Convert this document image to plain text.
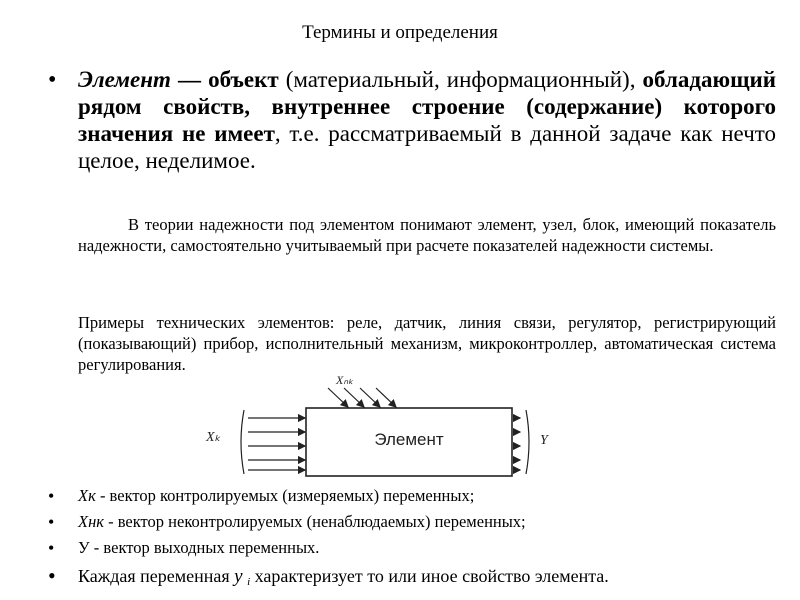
Термины и определения
• Элемент — объект (материальный, информационный), обладающий рядом свойств, внутреннее строение (содержание) которого значения не имеет, т.е. рассматриваемый в данной задаче как нечто целое, неделимое.
В теории надежности под элементом понимают элемент, узел, блок, имеющий показатель надежности, самостоятельно учитываемый при расчете показателей надежности системы.
Примеры технических элементов: реле, датчик, линия связи, регулятор, регистрирующий (показывающий) прибор, исполнительный механизм, микроконтроллер, автоматическая система регулирования.
Элемент
Xₖ
Xₙₖ
Y
• Xк - вектор контролируемых (измеряемых) переменных;
• Xнк - вектор неконтролируемых (ненаблюдаемых) переменных;
• У - вектор выходных переменных.
• Каждая переменная y i характеризует то или иное свойство элемента.
